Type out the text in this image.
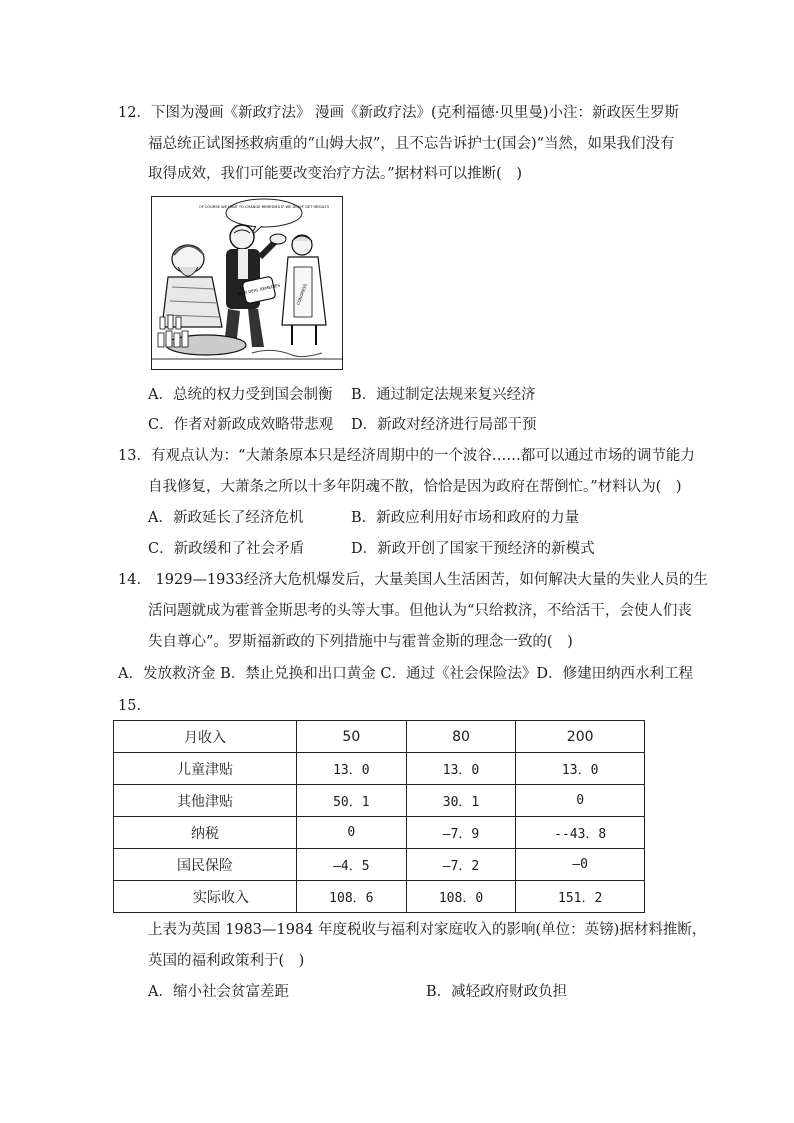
12．下图为漫画《新政疗法》 漫画《新政疗法》(克利福德·贝里曼)小注：新政医生罗斯
福总统正试图拯救病重的“山姆大叔”，且不忘告诉护士(国会)“当然，如果我们没有
取得成效，我们可能要改变治疗方法。”据材料可以推断(　)
OF COURSE WE HAVE TO CHANGE REMEDIES IF WE DON'T GET RESULTS
NEW DEAL REMEDIES	CONGRESS
A．总统的权力受到国会制衡 B．通过制定法规来复兴经济
C．作者对新政成效略带悲观 D．新政对经济进行局部干预
13．有观点认为：“大萧条原本只是经济周期中的一个波谷……都可以通过市场的调节能力
自我修复，大萧条之所以十多年阴魂不散，恰恰是因为政府在帮倒忙。”材料认为(　)
A．新政延长了经济危机	B．新政应利用好市场和政府的力量
C．新政缓和了社会矛盾	D．新政开创了国家干预经济的新模式
14． 1929—1933经济大危机爆发后，大量美国人生活困苦，如何解决大量的失业人员的生
活问题就成为霍普金斯思考的头等大事。但他认为“只给救济，不给活干，会使人们丧
失自尊心”。罗斯福新政的下列措施中与霍普金斯的理念一致的(　)
A．发放救济金 B．禁止兑换和出口黄金 C．通过《社会保险法》D．修建田纳西水利工程
15．
月收入	50	80	200
儿童津贴	13．0	13．0	13．0
其他津贴	50．1	30．1	0
纳税	0	—7．9	--43．8
国民保险	—4．5	—7．2	—0
实际收入	108．6	108．0	151．2
上表为英国 1983—1984 年度税收与福利对家庭收入的影响(单位：英镑)据材料推断，
英国的福利政策利于(　)
A．缩小社会贫富差距	B．减轻政府财政负担
